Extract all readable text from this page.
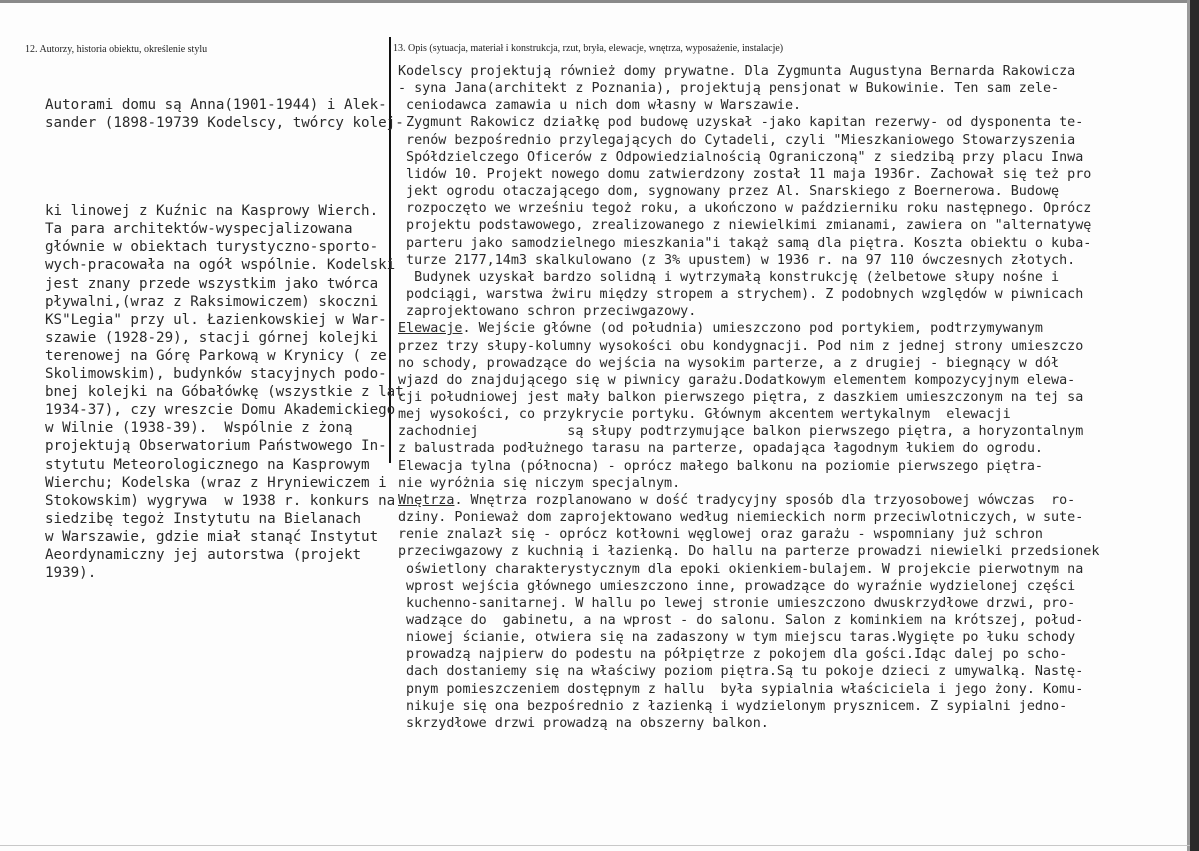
12. Autorzy, historia obiektu, określenie stylu	13. Opis (sytuacja, materiał i konstrukcja, rzut, bryła, elewacje, wnętrza, wyposażenie, instalacje)

Autorami domu są Anna(1901-1944) i Alek-
sander (1898-19739 Kodelscy, twórcy kolej-

ki linowej z Kuźnic na Kasprowy Wierch.
Ta para architektów-wyspecjalizowana
głównie w obiektach turystyczno-sporto-
wych-pracowała na ogół wspólnie. Kodelski
jest znany przede wszystkim jako twórca
pływalni,(wraz z Raksimowiczem) skoczni
KS"Legia" przy ul. Łazienkowskiej w War-
szawie (1928-29), stacji górnej kolejki
terenowej na Górę Parkową w Krynicy ( ze
Skolimowskim), budynków stacyjnych podo-
bnej kolejki na Góbałówkę (wszystkie z lat
1934-37), czy wreszcie Domu Akademickiego
w Wilnie (1938-39).  Wspólnie z żoną
projektują Obserwatorium Państwowego In-
stytutu Meteorologicznego na Kasprowym
Wierchu; Kodelska (wraz z Hryniewiczem i
Stokowskim) wygrywa  w 1938 r. konkurs na
siedzibę tegoż Instytutu na Bielanach
w Warszawie, gdzie miał stanąć Instytut
Aeordynamiczny jej autorstwa (projekt
1939).

Kodelscy projektują również domy prywatne. Dla Zygmunta Augustyna Bernarda Rakowicza
- syna Jana(architekt z Poznania), projektują pensjonat w Bukowinie. Ten sam zele-
ceniodawca zamawia u nich dom własny w Warszawie.
Zygmunt Rakowicz działkę pod budowę uzyskał -jako kapitan rezerwy- od dysponenta te-
renów bezpośrednio przylegających do Cytadeli, czyli "Mieszkaniowego Stowarzyszenia
Spółdzielczego Oficerów z Odpowiedzialnością Ograniczoną" z siedzibą przy placu Inwa
lidów 10. Projekt nowego domu zatwierdzony został 11 maja 1936r. Zachował się też pro
jekt ogrodu otaczającego dom, sygnowany przez Al. Snarskiego z Boernerowa. Budowę
rozpoczęto we wrześniu tegoż roku, a ukończono w październiku roku następnego. Oprócz
projektu podstawowego, zrealizowanego z niewielkimi zmianami, zawiera on "alternatywę
parteru jako samodzielnego mieszkania"i takąż samą dla piętra. Koszta obiektu o kuba-
turze 2177,14m3 skalkulowano (z 3% upustem) w 1936 r. na 97 110 ówczesnych złotych.
Budynek uzyskał bardzo solidną i wytrzymałą konstrukcję (żelbetowe słupy nośne i
podciągi, warstwa żwiru między stropem a strychem). Z podobnych względów w piwnicach
zaprojektowano schron przeciwgazowy.
Elewacje. Wejście główne (od południa) umieszczono pod portykiem, podtrzymywanym
przez trzy słupy-kolumny wysokości obu kondygnacji. Pod nim z jednej strony umieszczo
no schody, prowadzące do wejścia na wysokim parterze, a z drugiej - biegnący w dół
wjazd do znajdującego się w piwnicy garażu.Dodatkowym elementem kompozycyjnym elewa-
cji południowej jest mały balkon pierwszego piętra, z daszkiem umieszczonym na tej sa
mej wysokości, co przykrycie portyku. Głównym akcentem wertykalnym  elewacji
zachodniej           są słupy podtrzymujące balkon pierwszego piętra, a horyzontalnym
z balustrada podłużnego tarasu na parterze, opadająca łagodnym łukiem do ogrodu.
Elewacja tylna (północna) - oprócz małego balkonu na poziomie pierwszego piętra-
nie wyróżnia się niczym specjalnym.
Wnętrza. Wnętrza rozplanowano w dość tradycyjny sposób dla trzyosobowej wówczas  ro-
dziny. Ponieważ dom zaprojektowano według niemieckich norm przeciwlotniczych, w sute-
renie znalazł się - oprócz kotłowni węglowej oraz garażu - wspomniany już schron
przeciwgazowy z kuchnią i łazienką. Do hallu na parterze prowadzi niewielki przedsionek
oświetlony charakterystycznym dla epoki okienkiem-bulajem. W projekcie pierwotnym na
wprost wejścia głównego umieszczono inne, prowadzące do wyraźnie wydzielonej części
kuchenno-sanitarnej. W hallu po lewej stronie umieszczono dwuskrzydłowe drzwi, pro-
wadzące do  gabinetu, a na wprost - do salonu. Salon z kominkiem na krótszej, połud-
niowej ścianie, otwiera się na zadaszony w tym miejscu taras.Wygięte po łuku schody
prowadzą najpierw do podestu na półpiętrze z pokojem dla gości.Idąc dalej po scho-
dach dostaniemy się na właściwy poziom piętra.Są tu pokoje dzieci z umywalką. Nastę-
pnym pomieszczeniem dostępnym z hallu  była sypialnia właściciela i jego żony. Komu-
nikuje się ona bezpośrednio z łazienką i wydzielonym prysznicem. Z sypialni jedno-
skrzydłowe drzwi prowadzą na obszerny balkon.
